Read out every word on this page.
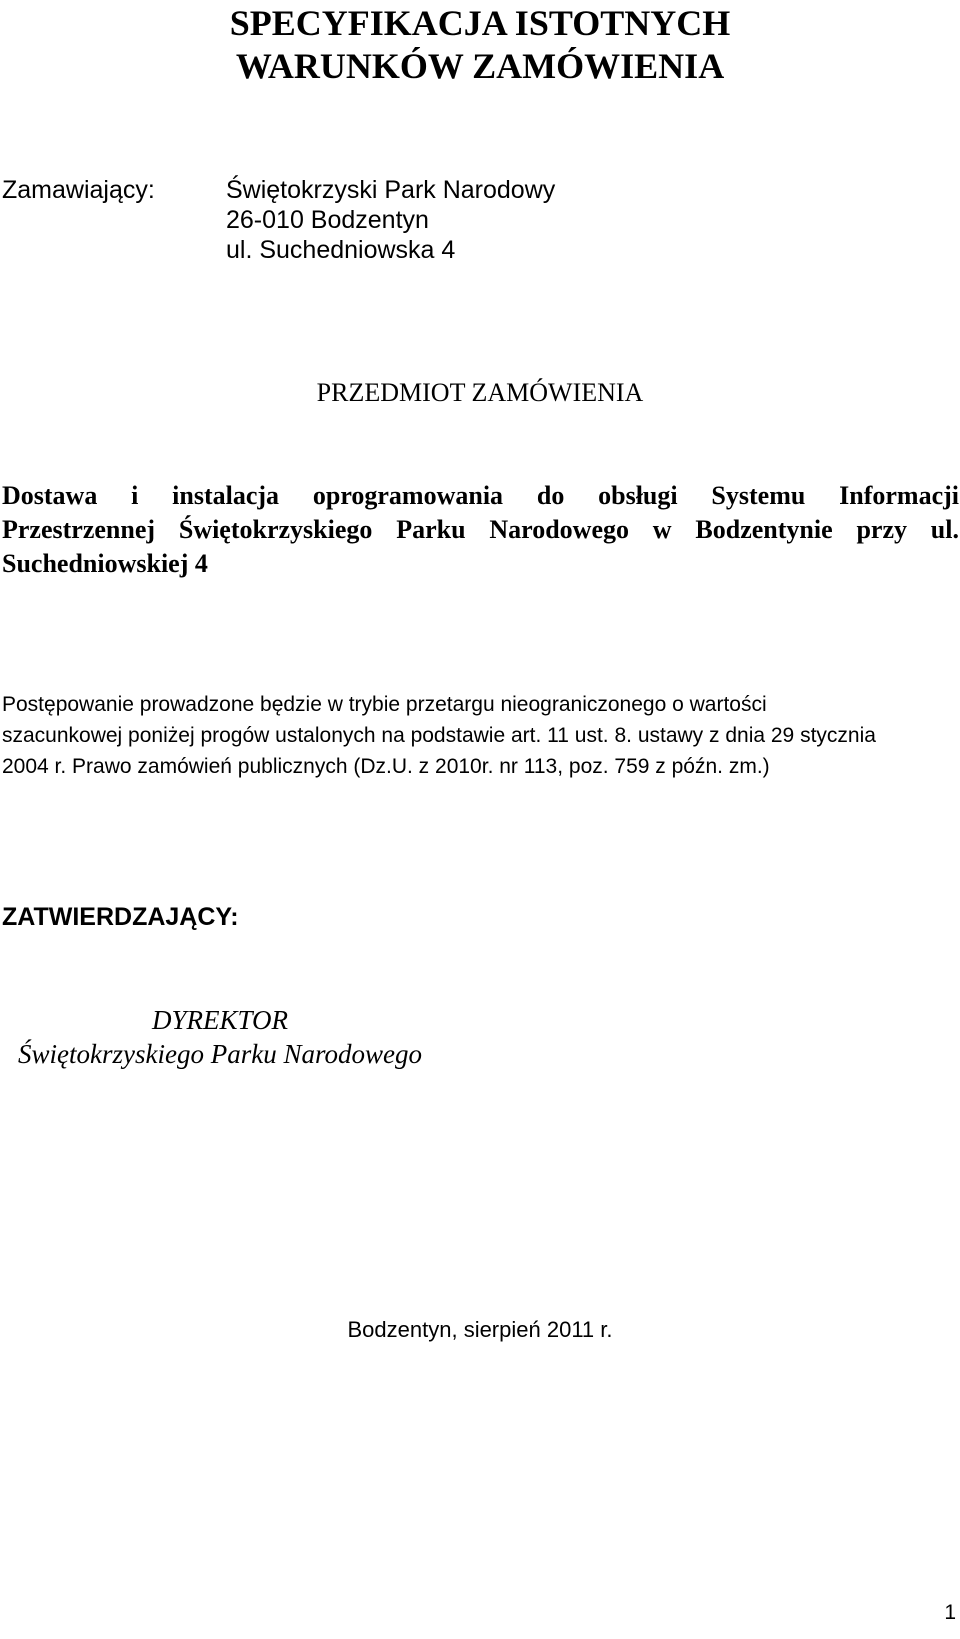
SPECYFIKACJA ISTOTNYCH
WARUNKÓW ZAMÓWIENIA
Zamawiający:	Świętokrzyski Park Narodowy
26-010 Bodzentyn
ul. Suchedniowska 4
PRZEDMIOT ZAMÓWIENIA
Dostawa i instalacja oprogramowania do obsługi Systemu Informacji
Przestrzennej Świętokrzyskiego Parku Narodowego w Bodzentynie przy ul.
Suchedniowskiej 4
Postępowanie prowadzone będzie w trybie przetargu nieograniczonego o wartości
szacunkowej poniżej progów ustalonych na podstawie art. 11 ust. 8. ustawy z dnia 29 stycznia
2004 r. Prawo zamówień publicznych (Dz.U. z 2010r. nr 113, poz. 759 z późn. zm.)
ZATWIERDZAJĄCY:
DYREKTOR
Świętokrzyskiego Parku Narodowego
Bodzentyn, sierpień 2011 r.
1
